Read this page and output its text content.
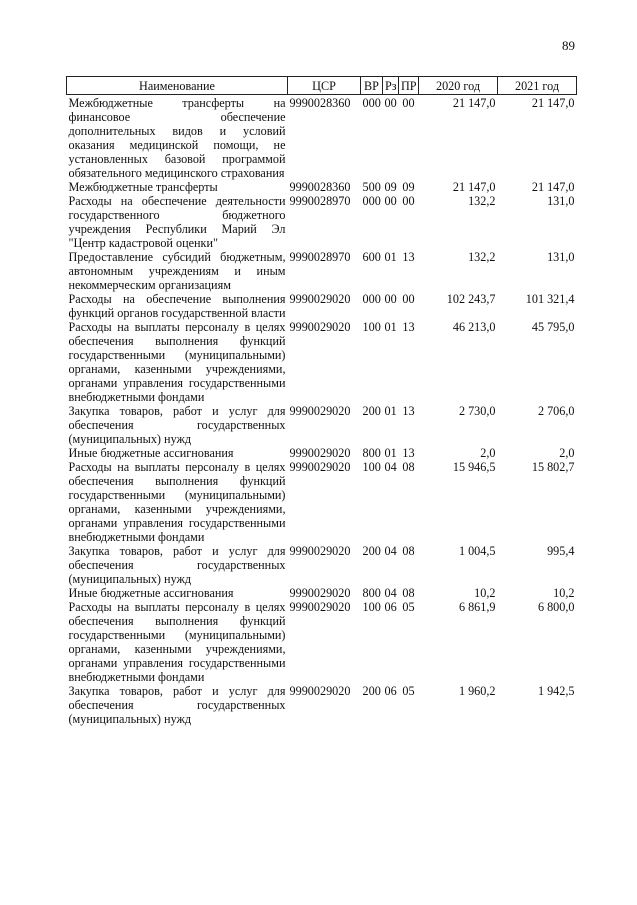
89
Наименование	ЦСР	ВР	Рз	ПР	2020 год	2021 год

Межбюджетные трансферты на финансовое обеспечение дополнительных видов и условий оказания медицинской помощи, не установленных базовой программой обязательного медицинского страхования	9990028360	000	00	00	21 147,0	21 147,0
Межбюджетные трансферты	9990028360	500	09	09	21 147,0	21 147,0
Расходы на обеспечение деятельности государственного бюджетного учреждения Республики Марий Эл "Центр кадастровой оценки"	9990028970	000	00	00	132,2	131,0
Предоставление субсидий бюджетным, автономным учреждениям и иным некоммерческим организациям	9990028970	600	01	13	132,2	131,0
Расходы на обеспечение выполнения функций органов государственной власти	9990029020	000	00	00	102 243,7	101 321,4
Расходы на выплаты персоналу в целях обеспечения выполнения функций государственными (муниципальными) органами, казенными учреждениями, органами управления государственными внебюджетными фондами	9990029020	100	01	13	46 213,0	45 795,0
Закупка товаров, работ и услуг для обеспечения государственных (муниципальных) нужд	9990029020	200	01	13	2 730,0	2 706,0
Иные бюджетные ассигнования	9990029020	800	01	13	2,0	2,0
Расходы на выплаты персоналу в целях обеспечения выполнения функций государственными (муниципальными) органами, казенными учреждениями, органами управления государственными внебюджетными фондами	9990029020	100	04	08	15 946,5	15 802,7
Закупка товаров, работ и услуг для обеспечения государственных (муниципальных) нужд	9990029020	200	04	08	1 004,5	995,4
Иные бюджетные ассигнования	9990029020	800	04	08	10,2	10,2
Расходы на выплаты персоналу в целях обеспечения выполнения функций государственными (муниципальными) органами, казенными учреждениями, органами управления государственными внебюджетными фондами	9990029020	100	06	05	6 861,9	6 800,0
Закупка товаров, работ и услуг для обеспечения государственных (муниципальных) нужд	9990029020	200	06	05	1 960,2	1 942,5
